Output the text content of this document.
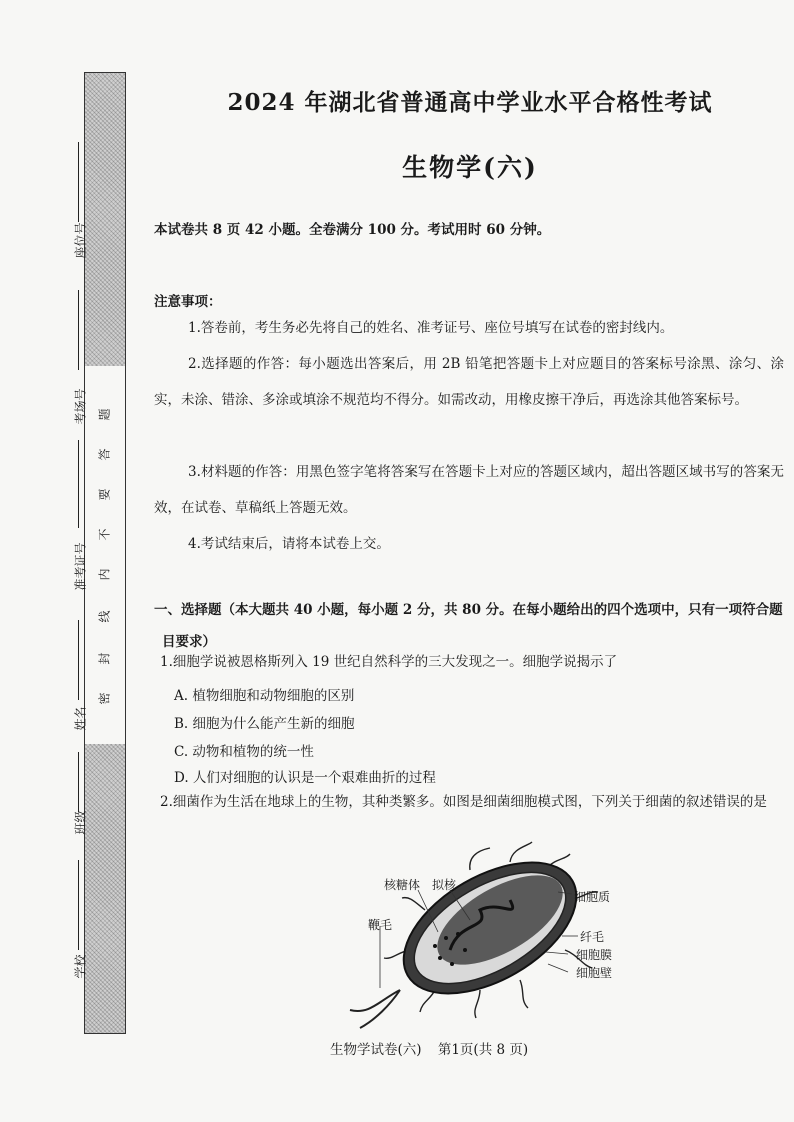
题
答
要
不
内
线
封
密
座位号
考场号
准考证号
姓名
班级
学校
2024 年湖北省普通高中学业水平合格性考试
生物学(六)
本试卷共 8 页 42 小题。全卷满分 100 分。考试用时 60 分钟。
注意事项：
1.答卷前，考生务必先将自己的姓名、准考证号、座位号填写在试卷的密封线内。
2.选择题的作答：每小题选出答案后，用 2B 铅笔把答题卡上对应题目的答案标号涂黑、涂匀、涂实，未涂、错涂、多涂或填涂不规范均不得分。如需改动，用橡皮擦干净后，再选涂其他答案标号。
3.材料题的作答：用黑色签字笔将答案写在答题卡上对应的答题区域内，超出答题区域书写的答案无效，在试卷、草稿纸上答题无效。
4.考试结束后，请将本试卷上交。
一、选择题（本大题共 40 小题，每小题 2 分，共 80 分。在每小题给出的四个选项中，只有一项符合题目要求）
1.细胞学说被恩格斯列入 19 世纪自然科学的三大发现之一。细胞学说揭示了
A. 植物细胞和动物细胞的区别
B. 细胞为什么能产生新的细胞
C. 动物和植物的统一性
D. 人们对细胞的认识是一个艰难曲折的过程
2.细菌作为生活在地球上的生物，其种类繁多。如图是细菌细胞模式图，下列关于细菌的叙述错误的是
核糖体 拟核
鞭毛
细胞质
纤毛
细胞膜
细胞壁
生物学试卷(六) 第1页(共 8 页)
